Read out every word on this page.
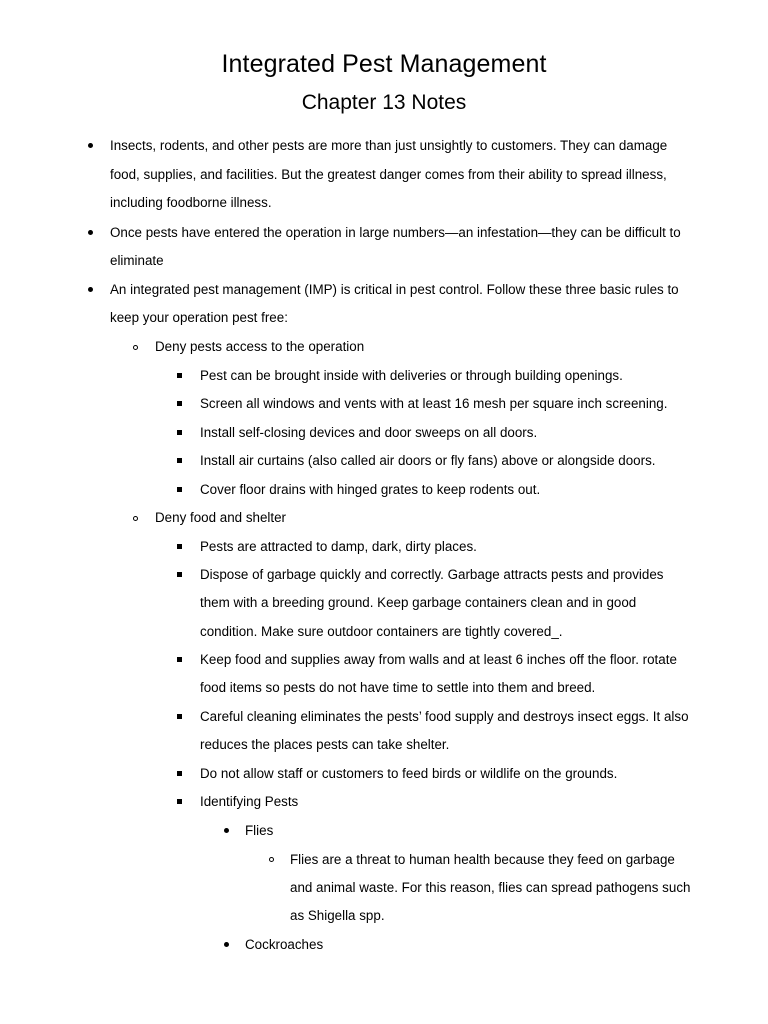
Integrated Pest Management
Chapter 13 Notes
Insects, rodents, and other pests are more than just unsightly to customers. They can damage
food, supplies, and facilities. But the greatest danger comes from their ability to spread illness,
including foodborne illness.
Once pests have entered the operation in large numbers—an infestation—they can be difficult to
eliminate
An integrated pest management (IMP) is critical in pest control. Follow these three basic rules to
keep your operation pest free:
Deny pests access to the operation
Pest can be brought inside with deliveries or through building openings.
Screen all windows and vents with at least 16 mesh per square inch screening.
Install self-closing devices and door sweeps on all doors.
Install air curtains (also called air doors or fly fans) above or alongside doors.
Cover floor drains with hinged grates to keep rodents out.
Deny food and shelter
Pests are attracted to damp, dark, dirty places.
Dispose of garbage quickly and correctly. Garbage attracts pests and provides
them with a breeding ground. Keep garbage containers clean and in good
condition. Make sure outdoor containers are tightly covered_.
Keep food and supplies away from walls and at least 6 inches off the floor. rotate
food items so pests do not have time to settle into them and breed.
Careful cleaning eliminates the pests’ food supply and destroys insect eggs. It also
reduces the places pests can take shelter.
Do not allow staff or customers to feed birds or wildlife on the grounds.
Identifying Pests
Flies
Flies are a threat to human health because they feed on garbage
and animal waste. For this reason, flies can spread pathogens such
as Shigella spp.
Cockroaches
